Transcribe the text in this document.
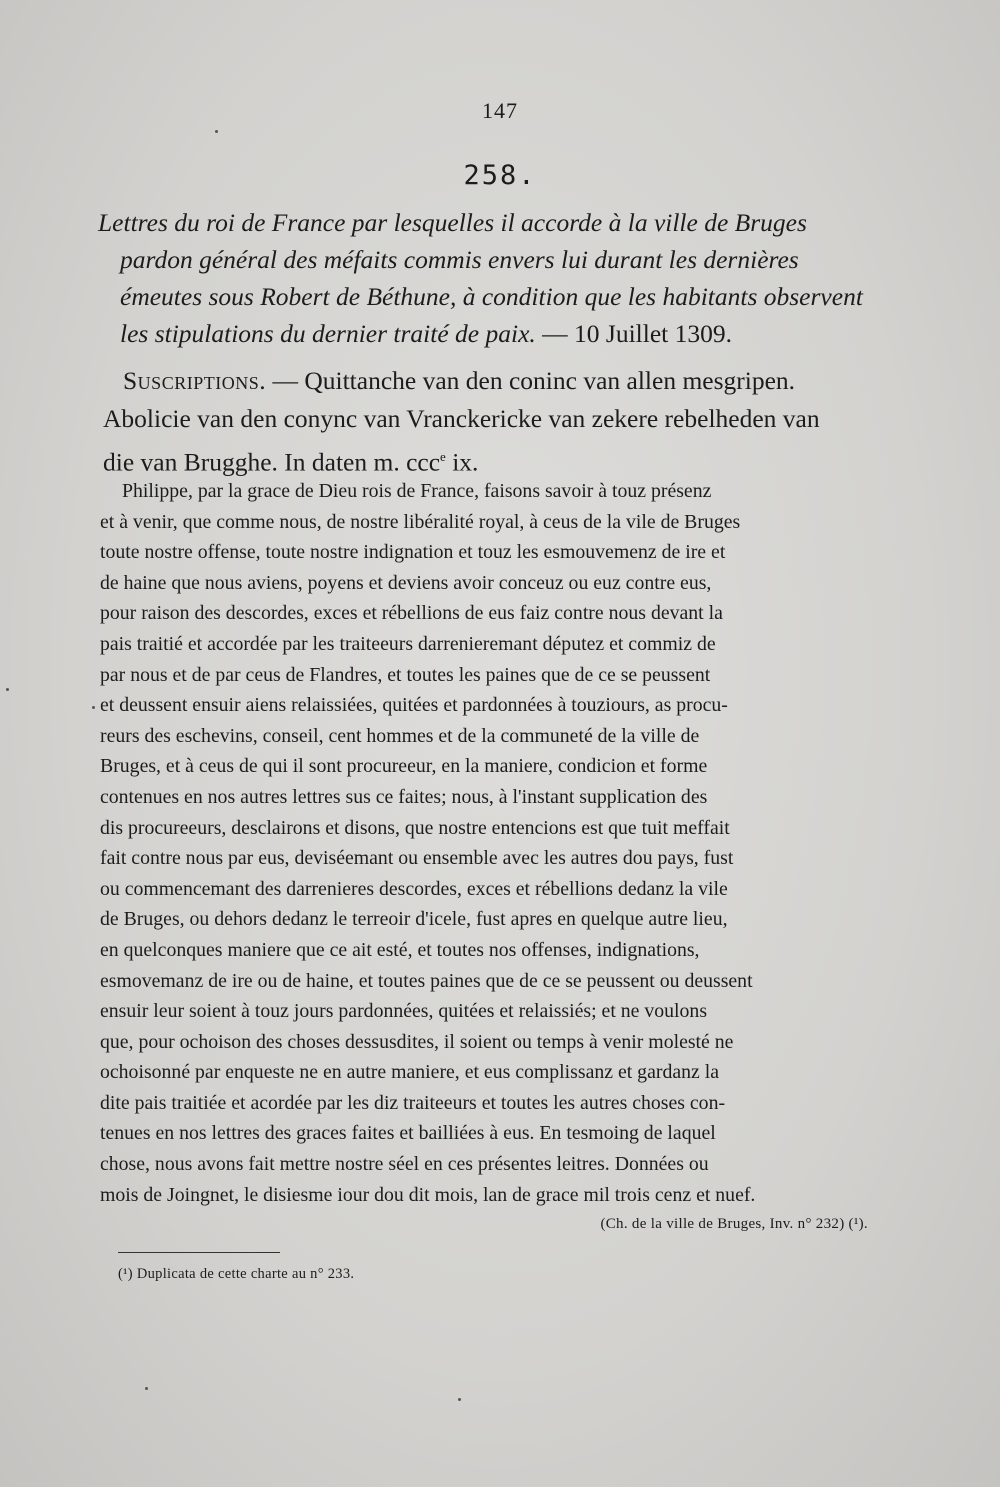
147
258.
Lettres du roi de France par lesquelles il accorde à la ville de Bruges
pardon général des méfaits commis envers lui durant les dernières
émeutes sous Robert de Béthune, à condition que les habitants observent
les stipulations du dernier traité de paix. — 10 Juillet 1309.
Suscriptions. — Quittanche van den coninc van allen mesgripen.
Abolicie van den conync van Vranckericke van zekere rebelheden van
die van Brugghe. In daten m. ccc$^e$ ix.
Philippe, par la grace de Dieu rois de France, faisons savoir à touz présenz
et à venir, que comme nous, de nostre libéralité royal, à ceus de la vile de Bruges
toute nostre offense, toute nostre indignation et touz les esmouvemenz de ire et
de haine que nous aviens, poyens et deviens avoir conceuz ou euz contre eus,
pour raison des descordes, exces et rébellions de eus faiz contre nous devant la
pais traitié et accordée par les traiteeurs darrenieremant députez et commiz de
par nous et de par ceus de Flandres, et toutes les paines que de ce se peussent
et deussent ensuir aiens relaissiées, quitées et pardonnées à touziours, as procu-
reurs des eschevins, conseil, cent hommes et de la communeté de la ville de
Bruges, et à ceus de qui il sont procureeur, en la maniere, condicion et forme
contenues en nos autres lettres sus ce faites; nous, à l'instant supplication des
dis procureeurs, desclairons et disons, que nostre entencions est que tuit meffait
fait contre nous par eus, deviséemant ou ensemble avec les autres dou pays, fust
ou commencemant des darrenieres descordes, exces et rébellions dedanz la vile
de Bruges, ou dehors dedanz le terreoir d'icele, fust apres en quelque autre lieu,
en quelconques maniere que ce ait esté, et toutes nos offenses, indignations,
esmovemanz de ire ou de haine, et toutes paines que de ce se peussent ou deussent
ensuir leur soient à touz jours pardonnées, quitées et relaissiés; et ne voulons
que, pour ochoison des choses dessusdites, il soient ou temps à venir molesté ne
ochoisonné par enqueste ne en autre maniere, et eus complissanz et gardanz la
dite pais traitiée et acordée par les diz traiteeurs et toutes les autres choses con-
tenues en nos lettres des graces faites et bailliées à eus. En tesmoing de laquel
chose, nous avons fait mettre nostre séel en ces présentes leitres. Données ou
mois de Joingnet, le disiesme iour dou dit mois, lan de grace mil trois cenz et nuef.
(Ch. de la ville de Bruges, Inv. n° 232) (¹).
(¹) Duplicata de cette charte au n° 233.
